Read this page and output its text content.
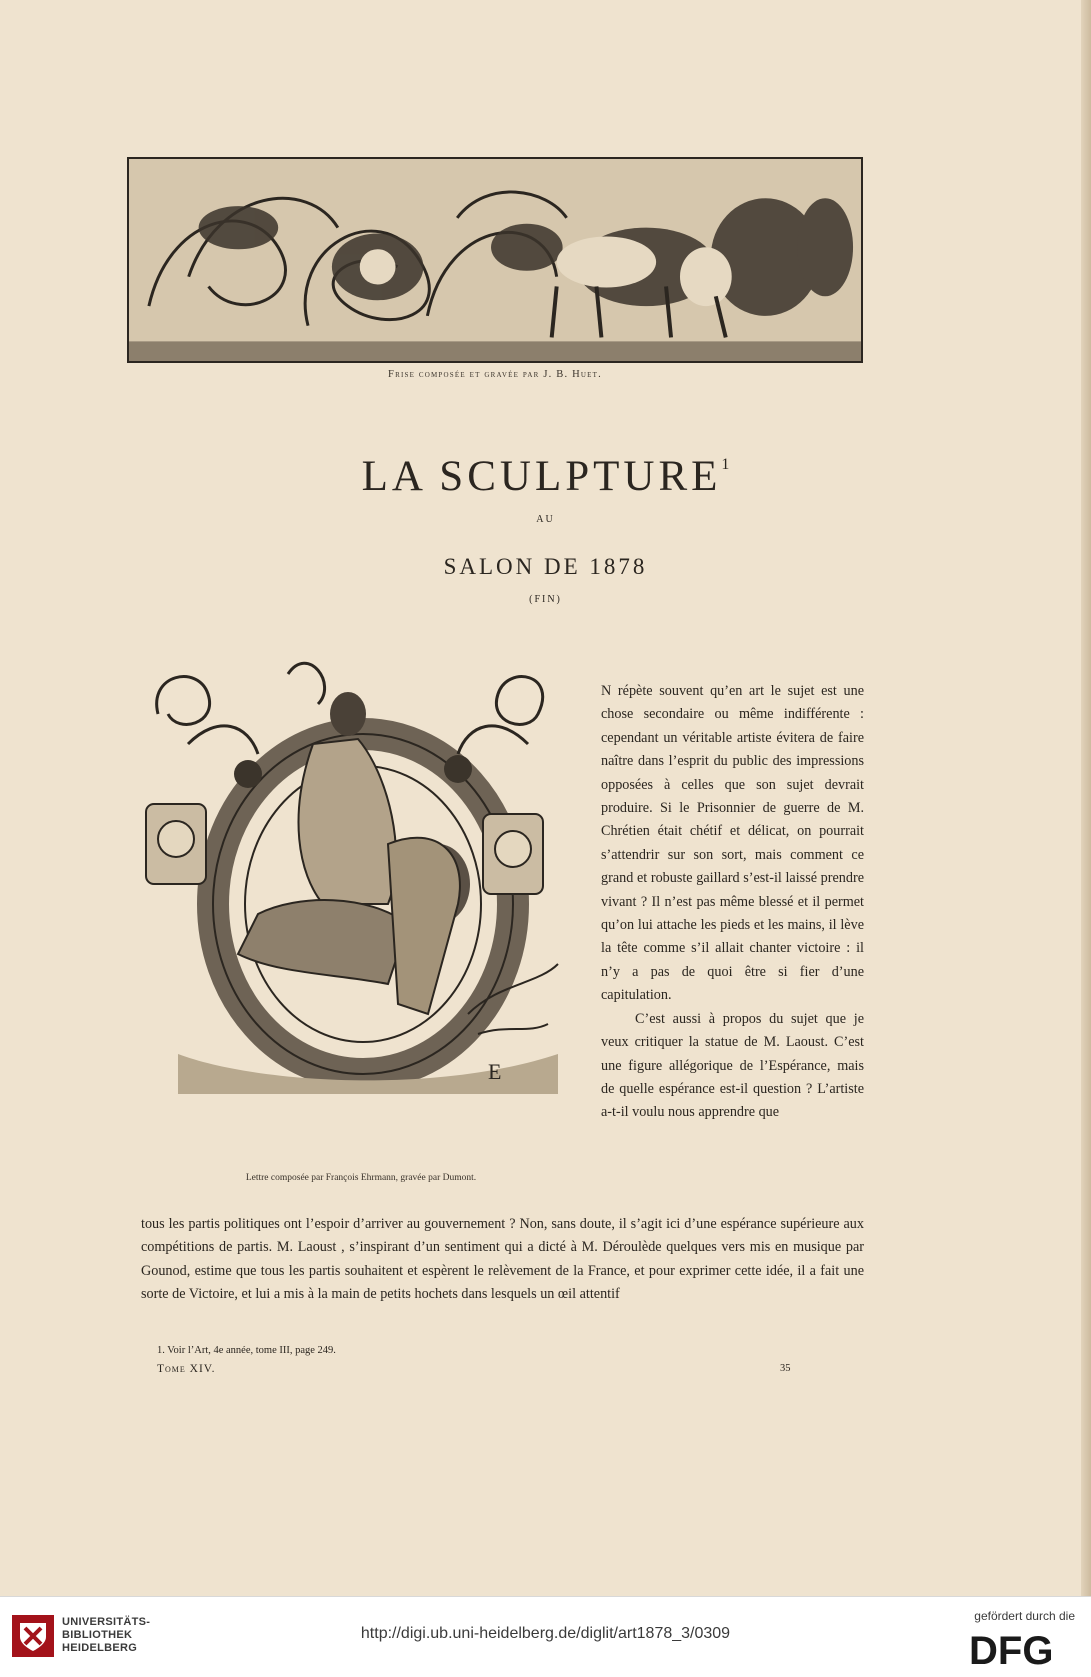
Frise composée et gravée par J. B. Huet.
LA SCULPTURE$^1$
AU
SALON DE 1878
(FIN)
E
Lettre composée par François Ehrmann, gravée par Dumont.

N répète souvent qu’en art le sujet est une chose secondaire ou même indifférente : cependant un véritable artiste évitera de faire naître dans l’esprit du public des impressions opposées à celles que son sujet devrait produire. Si le Prisonnier de guerre de M. Chrétien était chétif et délicat, on pourrait s’attendrir sur son sort, mais comment ce grand et robuste gaillard s’est-il laissé prendre vivant ? Il n’est pas même blessé et il permet qu’on lui attache les pieds et les mains, il lève la tête comme s’il allait chanter victoire : il n’y a pas de quoi être si fier d’une capitulation.

C’est aussi à propos du sujet que je veux critiquer la statue de M. Laoust. C’est une figure allégorique de l’Espérance, mais de quelle espérance est-il question ? L’artiste a-t-il voulu nous apprendre que

tous les partis politiques ont l’espoir d’arriver au gouvernement ? Non, sans doute, il s’agit ici d’une espérance supérieure aux compétitions de partis. M. Laoust , s’inspirant d’un sentiment qui a dicté à M. Déroulède quelques vers mis en musique par Gounod, estime que tous les partis souhaitent et espèrent le relèvement de la France, et pour exprimer cette idée, il a fait une sorte de Victoire, et lui a mis à la main de petits hochets dans lesquels un œil attentif

1. Voir l’Art, 4e année, tome III, page 249.
Tome XIV.	35
UNIVERSITÄTS-
BIBLIOTHEK
HEIDELBERG
http://digi.ub.uni-heidelberg.de/diglit/art1878_3/0309
gefördert durch die
DFG
